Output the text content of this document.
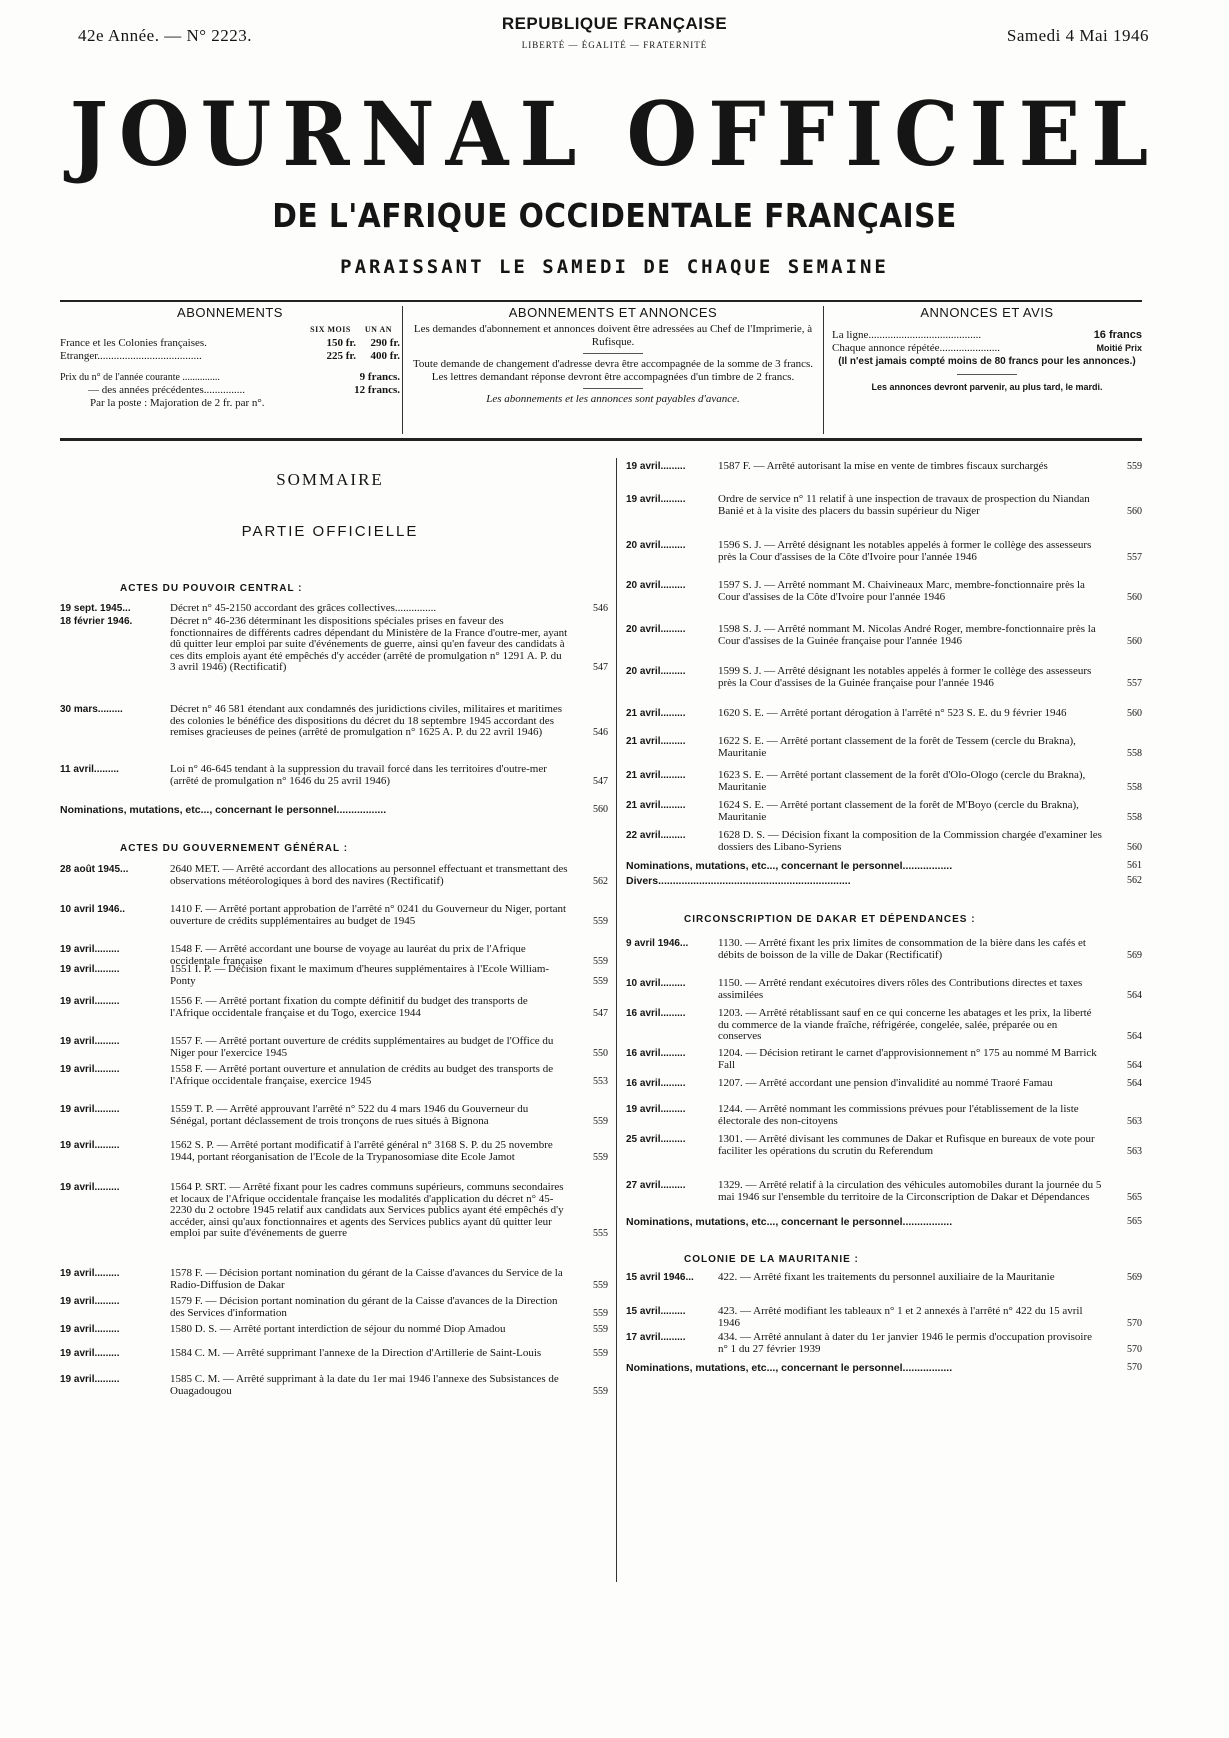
42e Année. — N° 2223.
REPUBLIQUE FRANÇAISE
LIBERTÉ — ÉGALITÉ — FRATERNITÉ	Samedi 4 Mai 1946
JOURNAL OFFICIEL
DE L'AFRIQUE OCCIDENTALE FRANÇAISE
PARAISSANT LE SAMEDI DE CHAQUE SEMAINE
ABONNEMENTS
SIX MOIS UN AN
France et les Colonies françaises.	150 fr. 290 fr.
Etranger......................................	225 fr. 400 fr.
Prix du n° de l'année courante ...............	9 francs.
— des années précédentes...............	12 francs.
Par la poste : Majoration de 2 fr. par n°.
ABONNEMENTS ET ANNONCES
Les demandes d'abonnement et annonces doivent être adressées au Chef de l'Imprimerie, à Rufisque.
Toute demande de changement d'adresse devra être accompagnée de la somme de 3 francs. Les lettres demandant réponse devront être accompagnées d'un timbre de 2 francs.
Les abonnements et les annonces sont payables d'avance.
ANNONCES ET AVIS
La ligne.........................................	16 francs
Chaque annonce répétée......................	Moitié Prix
(Il n'est jamais compté moins de 80 francs pour les annonces.)
Les annonces devront parvenir, au plus tard, le mardi.
SOMMAIRE
PARTIE OFFICIELLE
ACTES DU POUVOIR CENTRAL :
ACTES DU GOUVERNEMENT GÉNÉRAL :
CIRCONSCRIPTION DE DAKAR ET DÉPENDANCES :
COLONIE DE LA MAURITANIE :
19 sept. 1945...	Décret n° 45-2150 accordant des grâces collectives...............	546
18 février 1946.	Décret n° 46-236 déterminant les dispositions spéciales prises en faveur des fonctionnaires de différents cadres dépendant du Ministère de la France d'outre-mer, ayant dû quitter leur emploi par suite d'événements de guerre, ainsi qu'en faveur des candidats à ces dits emplois ayant été empêchés d'y accéder (arrêté de promulgation n° 1291 A. P. du 3 avril 1946) (Rectificatif)	547
30 mars.........	Décret n° 46 581 étendant aux condamnés des juridictions civiles, militaires et maritimes des colonies le bénéfice des dispositions du décret du 18 septembre 1945 accordant des remises gracieuses de peines (arrêté de promulgation n° 1625 A. P. du 22 avril 1946)	546
11 avril.........	Loi n° 46-645 tendant à la suppression du travail forcé dans les territoires d'outre-mer (arrêté de promulgation n° 1646 du 25 avril 1946)	547
28 août 1945...	2640 MET. — Arrêté accordant des allocations au personnel effectuant et transmettant des observations météorologiques à bord des navires (Rectificatif)	562
10 avril 1946..	1410 F. — Arrêté portant approbation de l'arrêté n° 0241 du Gouverneur du Niger, portant ouverture de crédits supplémentaires au budget de 1945	559
19 avril.........	1548 F. — Arrêté accordant une bourse de voyage au lauréat du prix de l'Afrique occidentale française	559
19 avril.........	1551 I. P. — Décision fixant le maximum d'heures supplémentaires à l'Ecole William-Ponty	559
19 avril.........	1556 F. — Arrêté portant fixation du compte définitif du budget des transports de l'Afrique occidentale française et du Togo, exercice 1944	547
19 avril.........	1557 F. — Arrêté portant ouverture de crédits supplémentaires au budget de l'Office du Niger pour l'exercice 1945	550
19 avril.........	1558 F. — Arrêté portant ouverture et annulation de crédits au budget des transports de l'Afrique occidentale française, exercice 1945	553
19 avril.........	1559 T. P. — Arrêté approuvant l'arrêté n° 522 du 4 mars 1946 du Gouverneur du Sénégal, portant déclassement de trois tronçons de rues situés à Bignona	559
19 avril.........	1562 S. P. — Arrêté portant modificatif à l'arrêté général n° 3168 S. P. du 25 novembre 1944, portant réorganisation de l'Ecole de la Trypanosomiase dite Ecole Jamot	559
19 avril.........	1564 P. SRT. — Arrêté fixant pour les cadres communs supérieurs, communs secondaires et locaux de l'Afrique occidentale française les modalités d'application du décret n° 45-2230 du 2 octobre 1945 relatif aux candidats aux Services publics ayant été empêchés d'y accéder, ainsi qu'aux fonctionnaires et agents des Services publics ayant dû quitter leur emploi par suite d'événements de guerre	555
19 avril.........	1578 F. — Décision portant nomination du gérant de la Caisse d'avances du Service de la Radio-Diffusion de Dakar	559
19 avril.........	1579 F. — Décision portant nomination du gérant de la Caisse d'avances de la Direction des Services d'information	559
19 avril.........	1580 D. S. — Arrêté portant interdiction de séjour du nommé Diop Amadou	559
19 avril.........	1584 C. M. — Arrêté supprimant l'annexe de la Direction d'Artillerie de Saint-Louis	559
19 avril.........	1585 C. M. — Arrêté supprimant à la date du 1er mai 1946 l'annexe des Subsistances de Ouagadougou	559
Nominations, mutations, etc..., concernant le personnel.................	560
19 avril.........	1587 F. — Arrêté autorisant la mise en vente de timbres fiscaux surchargés	559
19 avril.........	Ordre de service n° 11 relatif à une inspection de travaux de prospection du Niandan Banié et à la visite des placers du bassin supérieur du Niger	560
20 avril.........	1596 S. J. — Arrêté désignant les notables appelés à former le collège des assesseurs près la Cour d'assises de la Côte d'Ivoire pour l'année 1946	557
20 avril.........	1597 S. J. — Arrêté nommant M. Chaivineaux Marc, membre-fonctionnaire près la Cour d'assises de la Côte d'Ivoire pour l'année 1946	560
20 avril.........	1598 S. J. — Arrêté nommant M. Nicolas André Roger, membre-fonctionnaire près la Cour d'assises de la Guinée française pour l'année 1946	560
20 avril.........	1599 S. J. — Arrêté désignant les notables appelés à former le collège des assesseurs près la Cour d'assises de la Guinée française pour l'année 1946	557
21 avril.........	1620 S. E. — Arrêté portant dérogation à l'arrêté n° 523 S. E. du 9 février 1946	560
21 avril.........	1622 S. E. — Arrêté portant classement de la forêt de Tessem (cercle du Brakna), Mauritanie	558
21 avril.........	1623 S. E. — Arrêté portant classement de la forêt d'Olo-Ologo (cercle du Brakna), Mauritanie	558
21 avril.........	1624 S. E. — Arrêté portant classement de la forêt de M'Boyo (cercle du Brakna), Mauritanie	558
22 avril.........	1628 D. S. — Décision fixant la composition de la Commission chargée d'examiner les dossiers des Libano-Syriens	560
9 avril 1946...	1130. — Arrêté fixant les prix limites de consommation de la bière dans les cafés et débits de boisson de la ville de Dakar (Rectificatif)	569
10 avril.........	1150. — Arrêté rendant exécutoires divers rôles des Contributions directes et taxes assimilées	564
16 avril.........	1203. — Arrêté rétablissant sauf en ce qui concerne les abatages et les prix, la liberté du commerce de la viande fraîche, réfrigérée, congelée, salée, préparée ou en conserves	564
16 avril.........	1204. — Décision retirant le carnet d'approvisionnement n° 175 au nommé M Barrick Fall	564
16 avril.........	1207. — Arrêté accordant une pension d'invalidité au nommé Traoré Famau	564
19 avril.........	1244. — Arrêté nommant les commissions prévues pour l'établissement de la liste électorale des non-citoyens	563
25 avril.........	1301. — Arrêté divisant les communes de Dakar et Rufisque en bureaux de vote pour faciliter les opérations du scrutin du Referendum	563
27 avril.........	1329. — Arrêté relatif à la circulation des véhicules automobiles durant la journée du 5 mai 1946 sur l'ensemble du territoire de la Circonscription de Dakar et Dépendances	565
15 avril 1946...	422. — Arrêté fixant les traitements du personnel auxiliaire de la Mauritanie	569
15 avril.........	423. — Arrêté modifiant les tableaux n° 1 et 2 annexés à l'arrêté n° 422 du 15 avril 1946	570
17 avril.........	434. — Arrêté annulant à dater du 1er janvier 1946 le permis d'occupation provisoire n° 1 du 27 février 1939	570
Nominations, mutations, etc..., concernant le personnel.................	561
Divers..................................................................	562
Nominations, mutations, etc..., concernant le personnel.................	565
Nominations, mutations, etc..., concernant le personnel.................	570
